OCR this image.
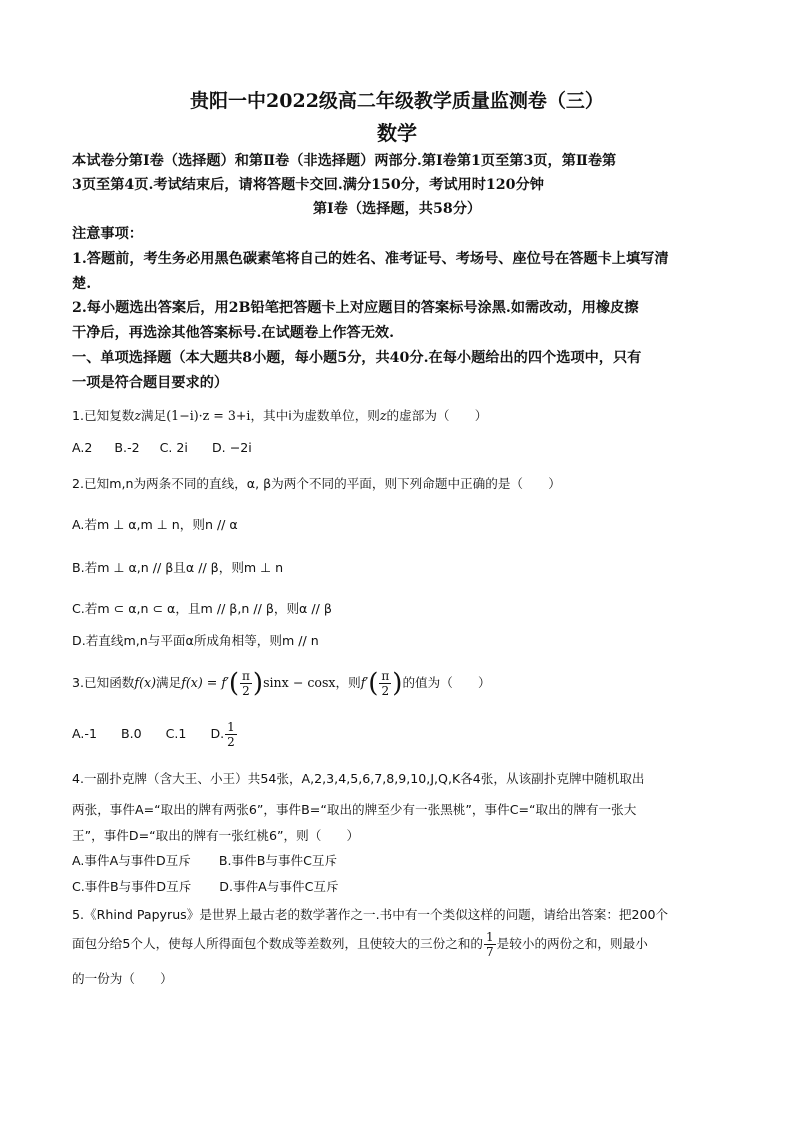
贵阳一中2022级高二年级教学质量监测卷（三）
数学
本试卷分第Ⅰ卷（选择题）和第Ⅱ卷（非选择题）两部分.第Ⅰ卷第1页至第3页，第Ⅱ卷第
3页至第4页.考试结束后，请将答题卡交回.满分150分，考试用时120分钟
第Ⅰ卷（选择题，共58分）
注意事项：
1.答题前，考生务必用黑色碳素笔将自己的姓名、准考证号、考场号、座位号在答题卡上填写清
楚.
2.每小题选出答案后，用2B铅笔把答题卡上对应题目的答案标号涂黑.如需改动，用橡皮擦
干净后，再选涂其他答案标号.在试题卷上作答无效.
一、单项选择题（本大题共8小题，每小题5分，共40分.在每小题给出的四个选项中，只有
一项是符合题目要求的）
1.已知复数z满足(1−i)·z = 3+i，其中i为虚数单位，则z的虚部为（　　）
A.2 B.-2 C. 2i D. −2i
2.已知m,n为两条不同的直线，α, β为两个不同的平面，则下列命题中正确的是（　　）
A.若m ⊥ α,m ⊥ n，则n // α
B.若m ⊥ α,n // β且α // β，则m ⊥ n
C.若m ⊂ α,n ⊂ α，且m // β,n // β，则α // β
D.若直线m,n与平面α所成角相等，则m // n
3.已知函数f(x)满足$f(x) = f'( \frac{\pi}{2} )\sin x - \cos x$，则$f'( \frac{\pi}{2}$ )的值为（　　）
A.-1 B.0 C.1 D. $\frac{1}{2}$
4.一副扑克牌（含大王、小王）共54张，A,2,3,4,5,6,7,8,9,10,J,Q,K各4张，从该副扑克牌中随机取出
两张，事件A=“取出的牌有两张6”，事件B=“取出的牌至少有一张黑桃”，事件C=“取出的牌有一张大
王”，事件D=“取出的牌有一张红桃6”，则（　　）
A.事件A与事件D互斥 B.事件B与事件C互斥
C.事件B与事件D互斥 D.事件A与事件C互斥
5.《Rhind Papyrus》是世界上最古老的数学著作之一.书中有一个类似这样的问题，请给出答案：把200个
面包分给5个人，使每人所得面包个数成等差数列，且使较大的三份之和的 $\frac{1}{7}$ 是较小的两份之和，则最小
的一份为（　　）
